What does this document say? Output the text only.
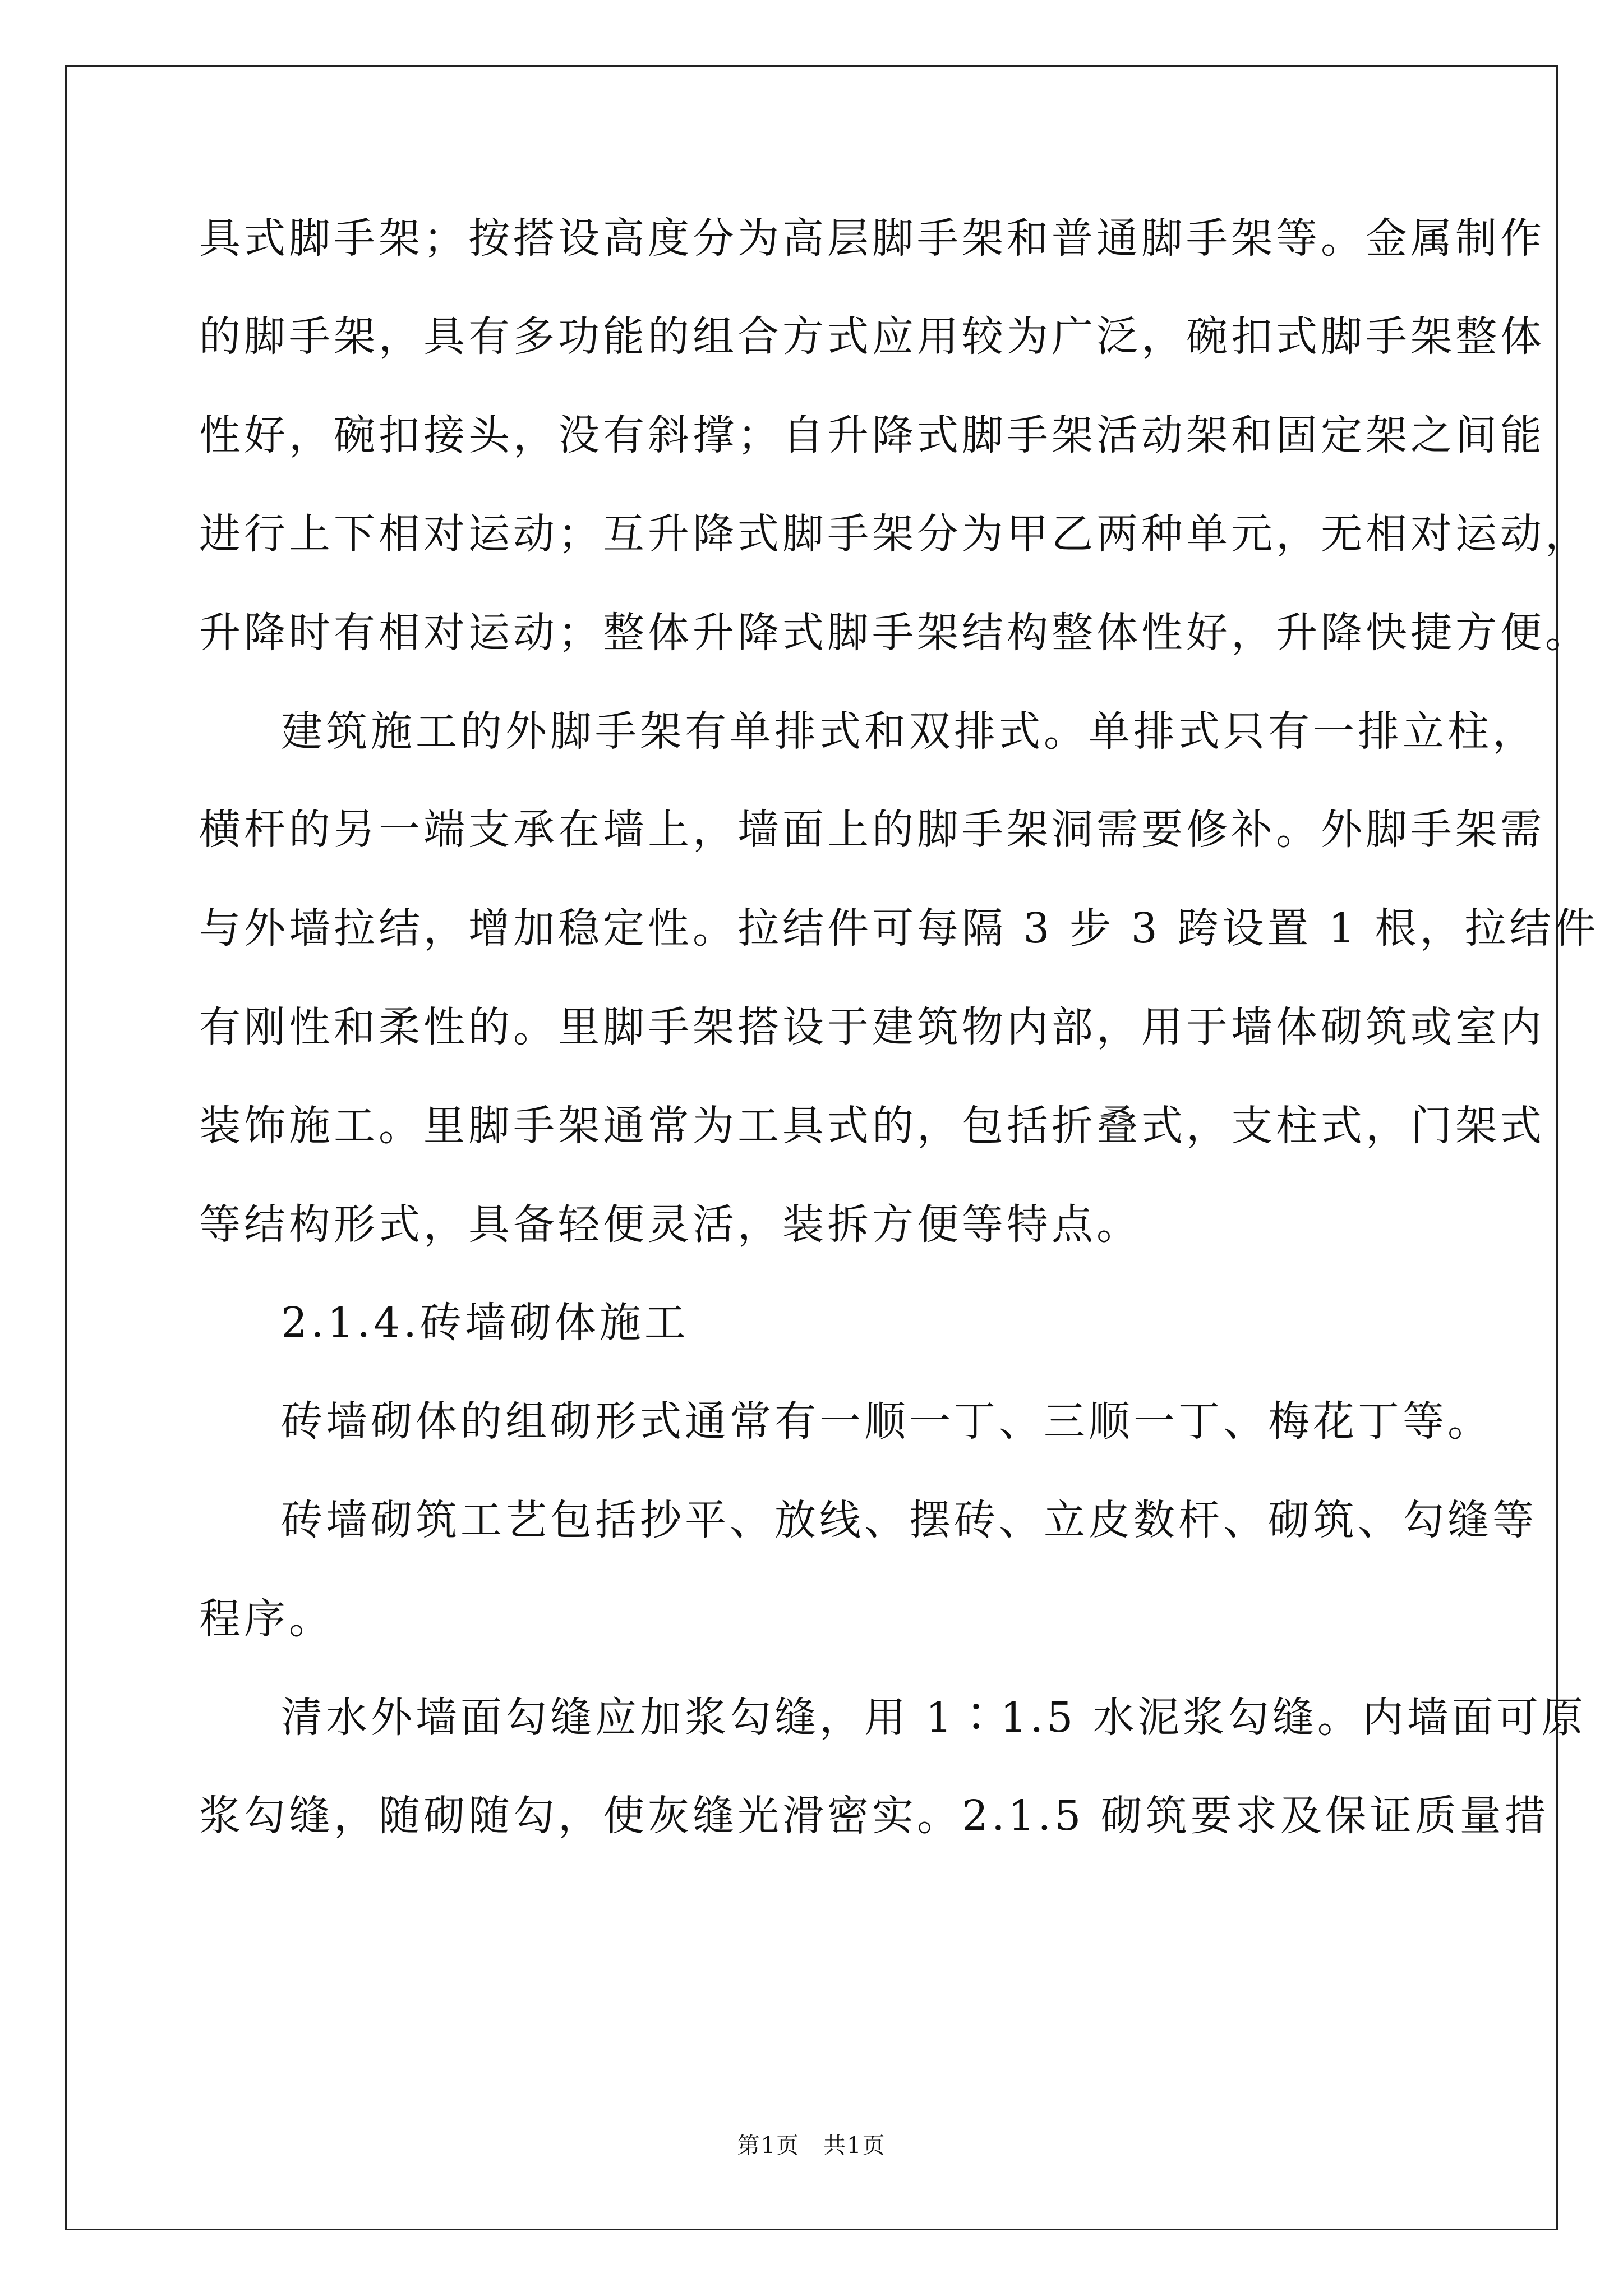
具式脚手架；按搭设高度分为高层脚手架和普通脚手架等。金属制作
的脚手架，具有多功能的组合方式应用较为广泛，碗扣式脚手架整体
性好，碗扣接头，没有斜撑；自升降式脚手架活动架和固定架之间能
进行上下相对运动；互升降式脚手架分为甲乙两种单元，无相对运动，
升降时有相对运动；整体升降式脚手架结构整体性好，升降快捷方便。
建筑施工的外脚手架有单排式和双排式。单排式只有一排立柱，
横杆的另一端支承在墙上，墙面上的脚手架洞需要修补。外脚手架需
与外墙拉结，增加稳定性。拉结件可每隔 3 步 3 跨设置 1 根，拉结件
有刚性和柔性的。里脚手架搭设于建筑物内部，用于墙体砌筑或室内
装饰施工。里脚手架通常为工具式的，包括折叠式，支柱式，门架式
等结构形式，具备轻便灵活，装拆方便等特点。
2.1.4.砖墙砌体施工
砖墙砌体的组砌形式通常有一顺一丁、三顺一丁、梅花丁等。
砖墙砌筑工艺包括抄平、放线、摆砖、立皮数杆、砌筑、勾缝等
程序。
清水外墙面勾缝应加浆勾缝，用 1∶1.5 水泥浆勾缝。内墙面可原
浆勾缝，随砌随勾，使灰缝光滑密实。2.1.5 砌筑要求及保证质量措
第1页　共1页
